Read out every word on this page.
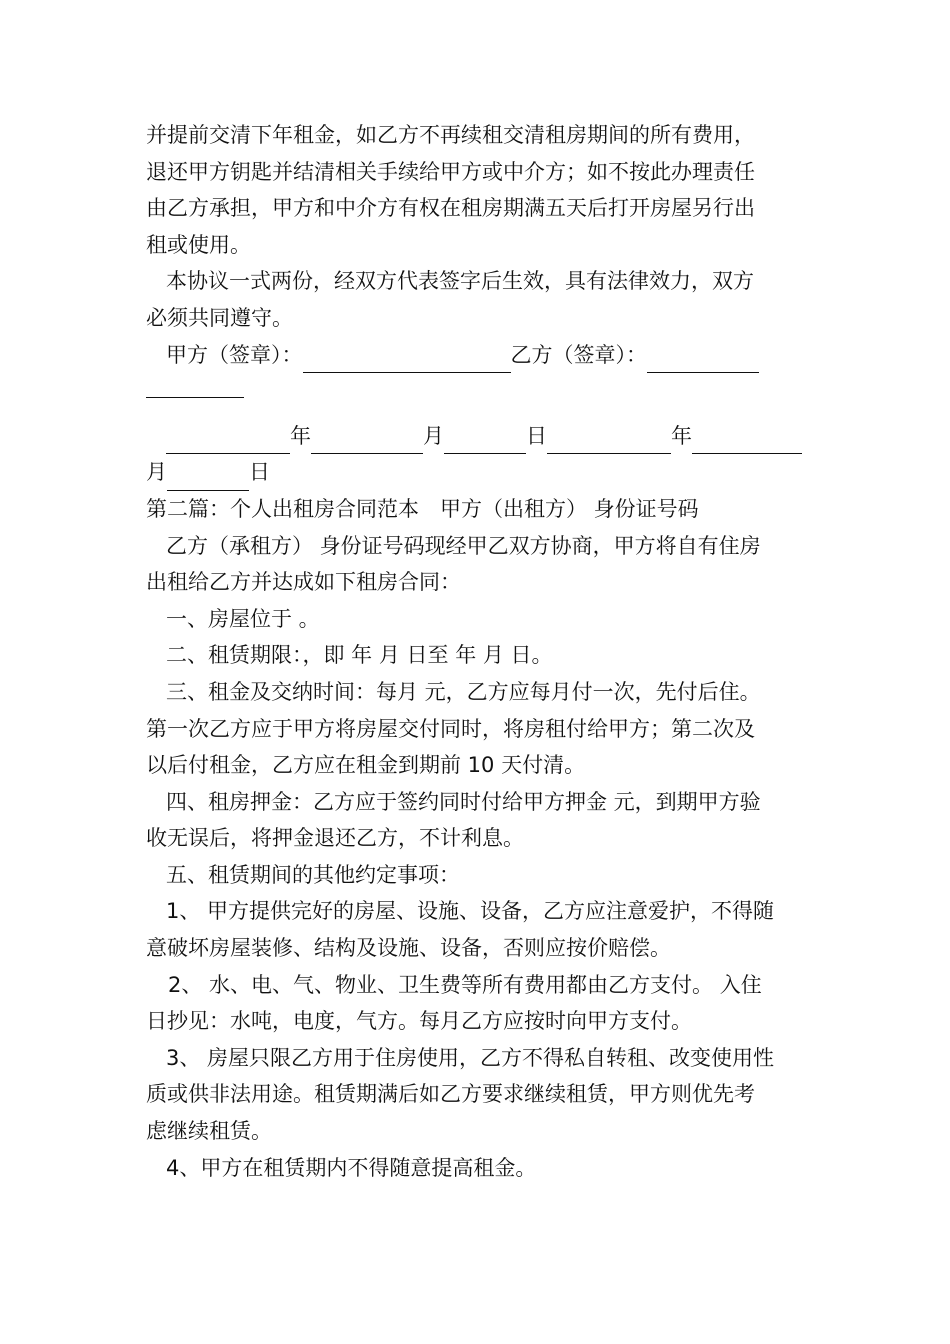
并提前交清下年租金，如乙方不再续租交清租房期间的所有费用，
退还甲方钥匙并结清相关手续给甲方或中介方；如不按此办理责任
由乙方承担，甲方和中介方有权在租房期满五天后打开房屋另行出
租或使用。
本协议一式两份，经双方代表签字后生效，具有法律效力，双方
必须共同遵守。
甲方（签章）：	乙方（签章）：
年	月	日	年
月	日
第二篇：个人出租房合同范本　甲方（出租方） 身份证号码
乙方（承租方） 身份证号码现经甲乙双方协商，甲方将自有住房
出租给乙方并达成如下租房合同：
一、房屋位于 。
二、租赁期限：，即 年 月 日至 年 月 日。
三、租金及交纳时间：每月 元，乙方应每月付一次，先付后住。
第一次乙方应于甲方将房屋交付同时，将房租付给甲方；第二次及
以后付租金，乙方应在租金到期前 10 天付清。
四、租房押金：乙方应于签约同时付给甲方押金 元，到期甲方验
收无误后，将押金退还乙方，不计利息。
五、租赁期间的其他约定事项：
1、 甲方提供完好的房屋、设施、设备，乙方应注意爱护，不得随
意破坏房屋装修、结构及设施、设备，否则应按价赔偿。
2、 水、电、气、物业、卫生费等所有费用都由乙方支付。 入住
日抄见：水吨，电度，气方。每月乙方应按时向甲方支付。
3、 房屋只限乙方用于住房使用，乙方不得私自转租、改变使用性
质或供非法用途。租赁期满后如乙方要求继续租赁，甲方则优先考
虑继续租赁。
4、甲方在租赁期内不得随意提高租金。
